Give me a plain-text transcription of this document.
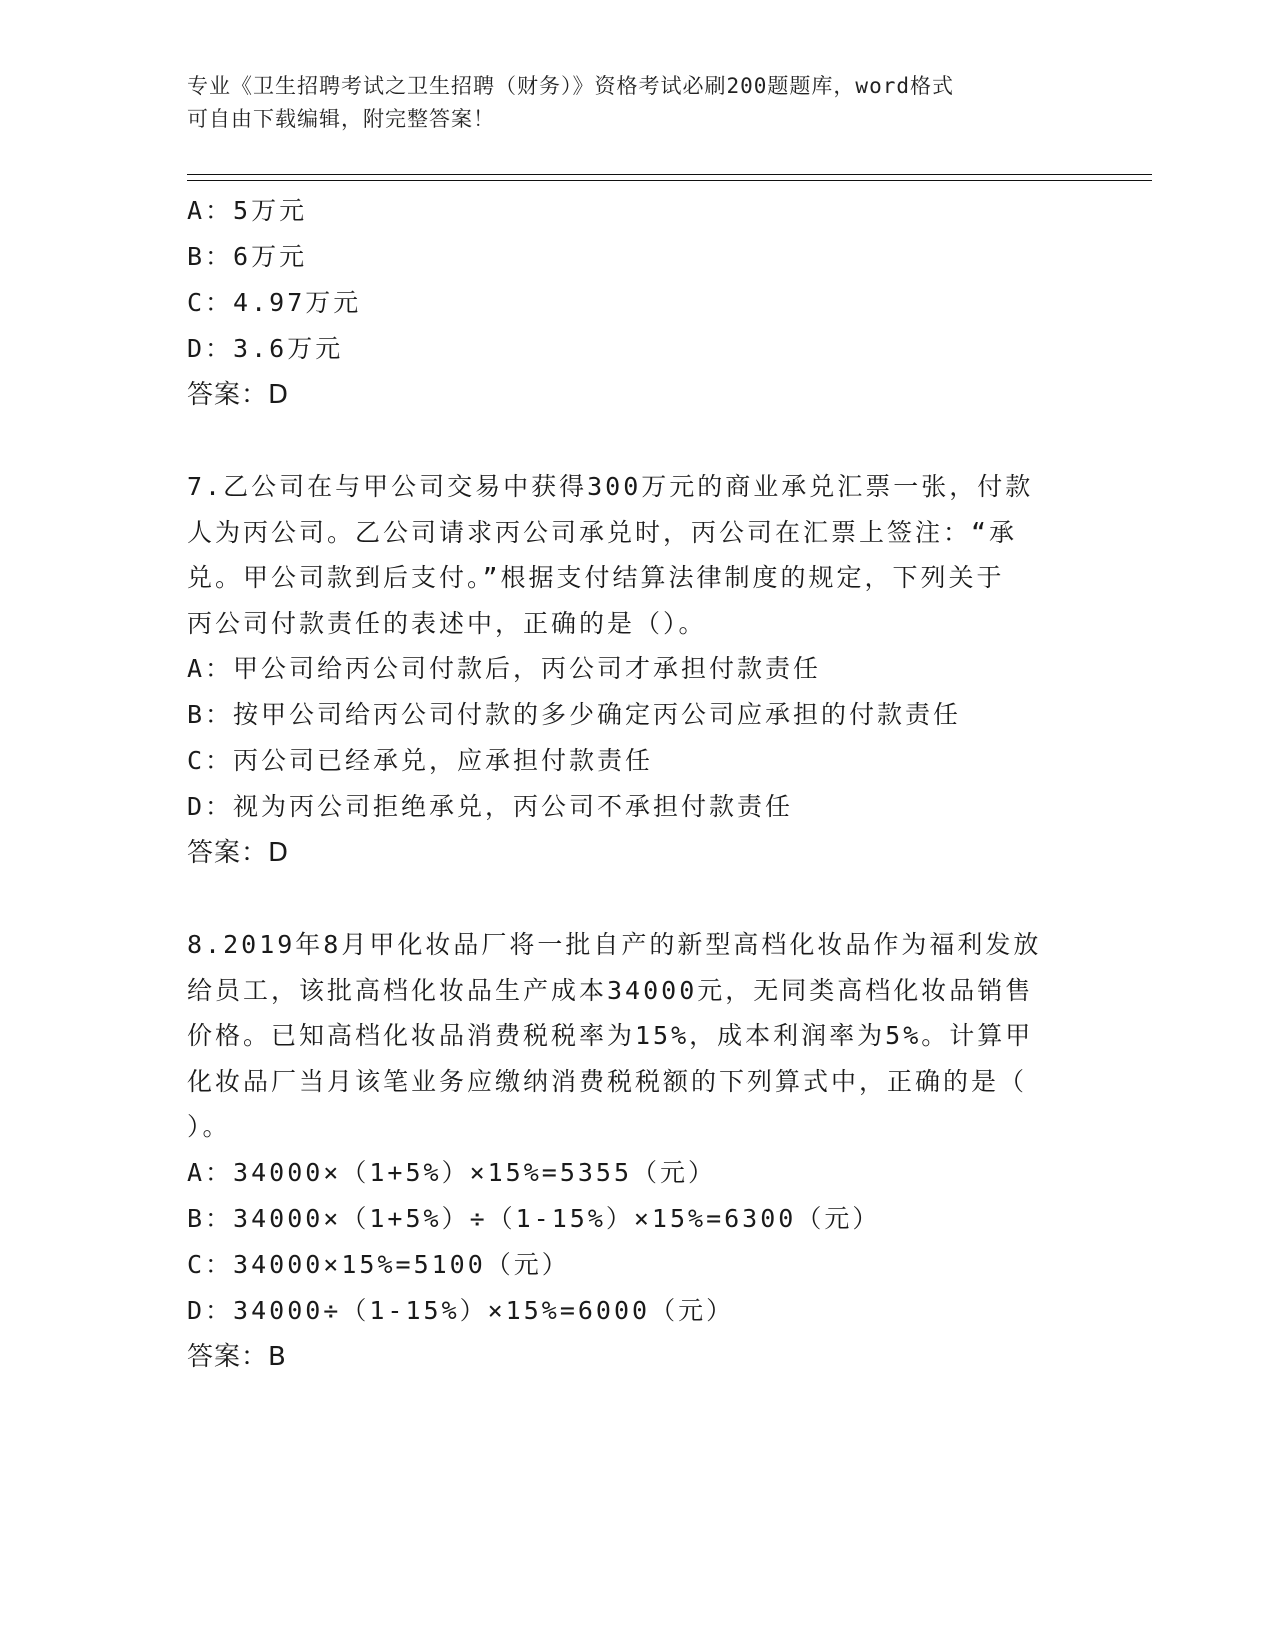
专业《卫生招聘考试之卫生招聘（财务）》资格考试必刷200题题库，word格式
可自由下载编辑，附完整答案！
A：5万元
B：6万元
C：4.97万元
D：3.6万元
答案：D
7.乙公司在与甲公司交易中获得300万元的商业承兑汇票一张，付款
人为丙公司。乙公司请求丙公司承兑时，丙公司在汇票上签注：“承
兑。甲公司款到后支付。”根据支付结算法律制度的规定，下列关于
丙公司付款责任的表述中，正确的是（）。
A：甲公司给丙公司付款后，丙公司才承担付款责任
B：按甲公司给丙公司付款的多少确定丙公司应承担的付款责任
C：丙公司已经承兑，应承担付款责任
D：视为丙公司拒绝承兑，丙公司不承担付款责任
答案：D
8.2019年8月甲化妆品厂将一批自产的新型高档化妆品作为福利发放
给员工，该批高档化妆品生产成本34000元，无同类高档化妆品销售
价格。已知高档化妆品消费税税率为15%，成本利润率为5%。计算甲
化妆品厂当月该笔业务应缴纳消费税税额的下列算式中，正确的是（
）。
A：34000×（1+5%）×15%=5355（元）
B：34000×（1+5%）÷（1-15%）×15%=6300（元）
C：34000×15%=5100（元）
D：34000÷（1-15%）×15%=6000（元）
答案：B
